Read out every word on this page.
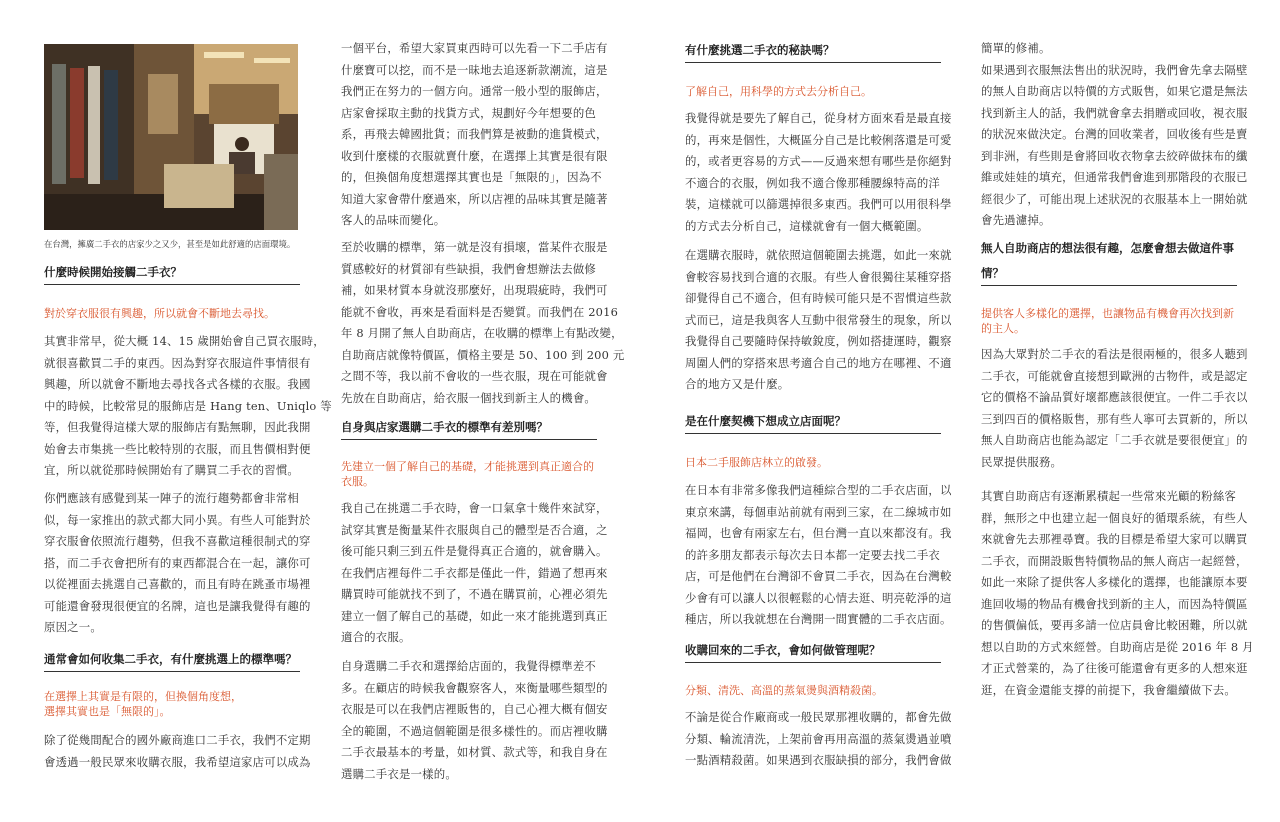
在台灣，擁廣二手衣的店家少之又少，甚至是如此舒適的店面環境。
什麼時候開始接觸二手衣？
對於穿衣服很有興趣，所以就會不斷地去尋找。

其實非常早，從大概 14、15 歲開始會自己買衣服時，

就很喜歡買二手的東西。因為對穿衣服這件事情很有

興趣，所以就會不斷地去尋找各式各樣的衣服。我國

中的時候，比較常見的服飾店是 Hang ten、Uniqlo 等

等，但我覺得這樣大眾的服飾店有點無聊，因此我開

始會去市集挑一些比較特別的衣服，而且售價相對便

宜，所以就從那時候開始有了購買二手衣的習慣。

你們應該有感覺到某一陣子的流行趨勢都會非常相

似，每一家推出的款式都大同小異。有些人可能對於

穿衣服會依照流行趨勢，但我不喜歡這種很制式的穿

搭，而二手衣會把所有的東西都混合在一起，讓你可

以從裡面去挑選自己喜歡的，而且有時在跳蚤市場裡

可能還會發現很便宜的名牌，這也是讓我覺得有趣的

原因之一。

通常會如何收集二手衣，有什麼挑選上的標準嗎？
在選擇上其實是有限的，但換個角度想，
選擇其實也是「無限的」。

除了從幾間配合的國外廠商進口二手衣，我們不定期

會透過一般民眾來收購衣服，我希望這家店可以成為

一個平台，希望大家買東西時可以先看一下二手店有

什麼寶可以挖，而不是一昧地去追逐新款潮流，這是

我們正在努力的一個方向。通常一般小型的服飾店，

店家會採取主動的找貨方式，規劃好今年想要的色

系，再飛去韓國批貨；而我們算是被動的進貨模式，

收到什麼樣的衣服就賣什麼，在選擇上其實是很有限

的，但換個角度想選擇其實也是「無限的」，因為不

知道大家會帶什麼過來，所以店裡的品味其實是隨著

客人的品味而變化。

至於收購的標準，第一就是沒有損壞，當某件衣服是

質感較好的材質卻有些缺損，我們會想辦法去做修

補，如果材質本身就沒那麼好，出現瑕疵時，我們可

能就不會收，再來是看面料是否變質。而我們在 2016

年 8 月開了無人自助商店，在收購的標準上有點改變，

自助商店就像特價區，價格主要是 50、100 到 200 元

之間不等，我以前不會收的一些衣服，現在可能就會

先放在自助商店，給衣服一個找到新主人的機會。

自身與店家選購二手衣的標準有差別嗎？
先建立一個了解自己的基礎，才能挑選到真正適合的
衣服。

我自己在挑選二手衣時，會一口氣拿十幾件來試穿，

試穿其實是衡量某件衣服與自己的體型是否合適，之

後可能只剩三到五件是覺得真正合適的，就會購入。

在我們店裡每件二手衣都是僅此一件，錯過了想再來

購買時可能就找不到了，不過在購買前，心裡必須先

建立一個了解自己的基礎，如此一來才能挑選到真正

適合的衣服。

自身選購二手衣和選擇給店面的，我覺得標準差不

多。在顧店的時候我會觀察客人，來衡量哪些類型的

衣服是可以在我們店裡販售的，自己心裡大概有個安

全的範圍，不過這個範圍是很多樣性的。而店裡收購

二手衣最基本的考量，如材質、款式等，和我自身在

選購二手衣是一樣的。

有什麼挑選二手衣的秘訣嗎？
了解自己，用科學的方式去分析自己。

我覺得就是要先了解自己，從身材方面來看是最直接

的，再來是個性，大概區分自己是比較俐落還是可愛

的，或者更容易的方式——反過來想有哪些是你絕對

不適合的衣服，例如我不適合像那種腰線特高的洋

裝，這樣就可以篩選掉很多東西。我們可以用很科學

的方式去分析自己，這樣就會有一個大概範圍。

在選購衣服時，就依照這個範圍去挑選，如此一來就

會較容易找到合適的衣服。有些人會很獨往某種穿搭

卻覺得自己不適合，但有時候可能只是不習慣這些款

式而已，這是我與客人互動中很常發生的現象，所以

我覺得自己要隨時保持敏銳度，例如搭捷運時，觀察

周圍人們的穿搭來思考適合自己的地方在哪裡、不適

合的地方又是什麼。

是在什麼契機下想成立店面呢？
日本二手服飾店林立的啟發。

在日本有非常多像我們這種綜合型的二手衣店面，以

東京來講，每個車站前就有兩到三家，在二線城市如

福岡，也會有兩家左右，但台灣一直以來都沒有。我

的許多朋友都表示每次去日本都一定要去找二手衣

店，可是他們在台灣卻不會買二手衣，因為在台灣較

少會有可以讓人以很輕鬆的心情去逛、明亮乾淨的這

種店，所以我就想在台灣開一間實體的二手衣店面。

收購回來的二手衣，會如何做管理呢？
分類、清洗、高溫的蒸氣燙與酒精殺菌。

不論是從合作廠商或一般民眾那裡收購的，都會先做

分類、輪流清洗，上架前會再用高溫的蒸氣燙過並噴

一點酒精殺菌。如果遇到衣服缺損的部分，我們會做

簡單的修補。

如果遇到衣服無法售出的狀況時，我們會先拿去隔壁

的無人自助商店以特價的方式販售，如果它還是無法

找到新主人的話，我們就會拿去捐贈或回收，視衣服

的狀況來做決定。台灣的回收業者，回收後有些是賣

到非洲，有些則是會將回收衣物拿去絞碎做抹布的纖

維或娃娃的填充，但通常我們會進到那階段的衣服已

經很少了，可能出現上述狀況的衣服基本上一開始就

會先過濾掉。

無人自助商店的想法很有趣，怎麼會想去做這件事
情？
提供客人多樣化的選擇，也讓物品有機會再次找到新
的主人。

因為大眾對於二手衣的看法是很兩極的，很多人聽到

二手衣，可能就會直接想到歐洲的古物件，或是認定

它的價格不論品質好壞都應該很便宜。一件二手衣以

三到四百的價格販售，那有些人寧可去買新的，所以

無人自助商店也能為認定「二手衣就是要很便宜」的

民眾提供服務。

其實自助商店有逐漸累積起一些常來光顧的粉絲客

群，無形之中也建立起一個良好的循環系統，有些人

來就會先去那裡尋寶。我的目標是希望大家可以購買

二手衣，而開設販售特價物品的無人商店一起經營，

如此一來除了提供客人多樣化的選擇，也能讓原本要

進回收場的物品有機會找到新的主人，而因為特價區

的售價偏低，要再多請一位店員會比較困難，所以就

想以自助的方式來經營。自助商店是從 2016 年 8 月

才正式營業的，為了往後可能還會有更多的人想來逛

逛，在資金還能支撐的前提下，我會繼續做下去。
